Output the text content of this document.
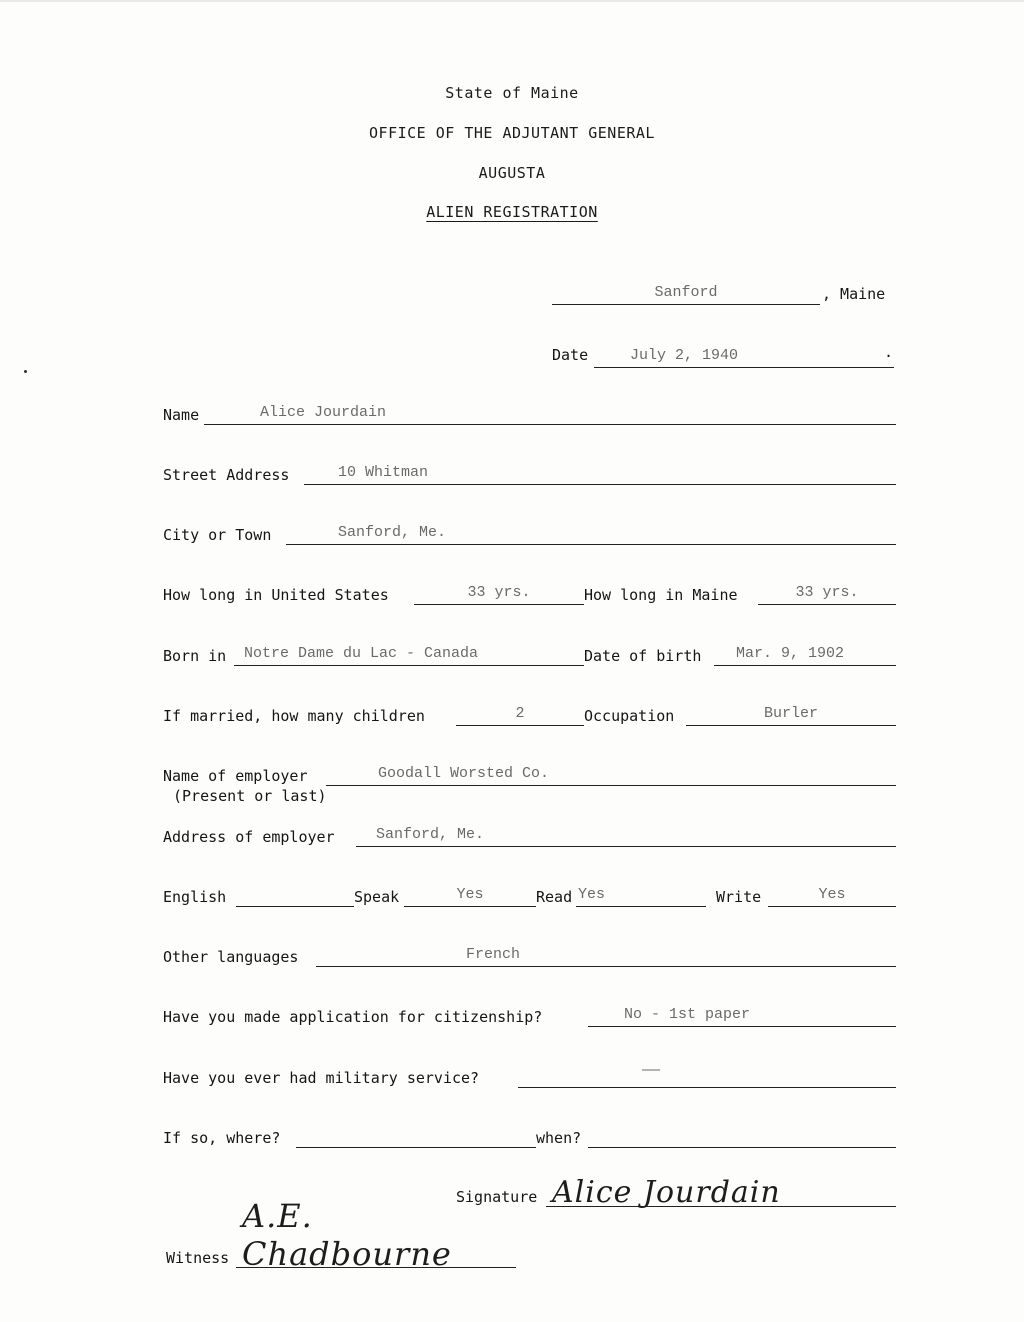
State of Maine
OFFICE OF THE ADJUTANT GENERAL
AUGUSTA
ALIEN REGISTRATION
Sanford	, Maine
Date	July 2, 1940	.
Name	Alice Jourdain
Street Address	10 Whitman
City or Town	Sanford, Me.
How long in United States	33 yrs.	How long in Maine	33 yrs.
Born in	Notre Dame du Lac - Canada	Date of birth	Mar. 9, 1902
If married, how many children	2	Occupation	Burler
Name of employer
(Present or last)
Goodall Worsted Co.
Address of employer	Sanford, Me.
English	Speak	Yes	Read Yes	Write	Yes
Other languages	French
Have you made application for citizenship?	No - 1st paper
Have you ever had military service?	——
If so, where?	when?
Signature Alice Jourdain
Witness
A.E. Chadbourne
